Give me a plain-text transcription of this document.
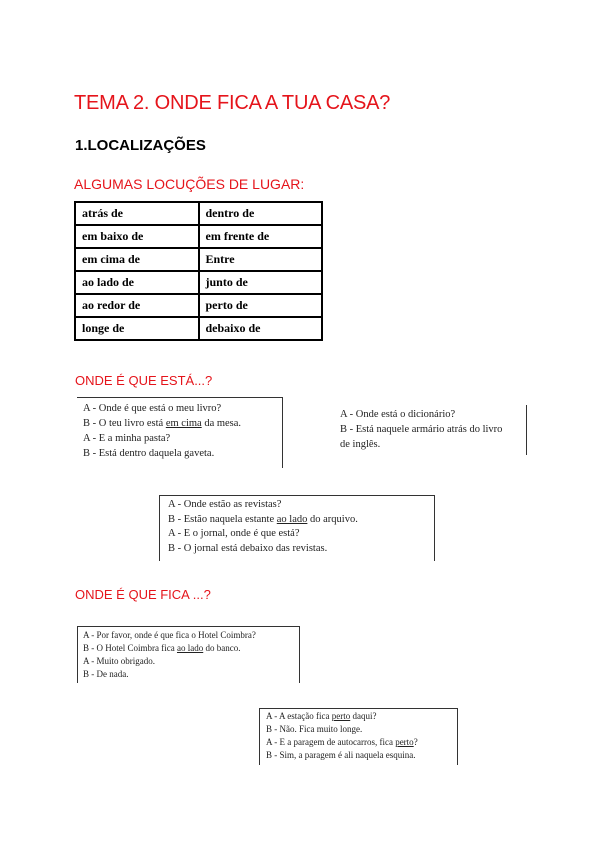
TEMA 2. ONDE FICA A TUA CASA?
1.LOCALIZAÇÕES
ALGUMAS LOCUÇÕES DE LUGAR:
atrás de	dentro de
em baixo de	em frente de
em cima de	Entre
ao lado de	junto de
ao redor de	perto de
longe de	debaixo de
ONDE É QUE ESTÁ...?
A - Onde é que está o meu livro?
B - O teu livro está em cima da mesa.
A - E a minha pasta?
B - Está dentro daquela gaveta.
A - Onde está o dicionário?
B - Está naquele armário atrás do livro
de inglês.
A - Onde estão as revistas?
B - Estão naquela estante ao lado do arquivo.
A - E o jornal, onde é que está?
B - O jornal está debaixo das revistas.
ONDE É QUE FICA ...?
A - Por favor, onde é que fica o Hotel Coimbra?
B - O Hotel Coimbra fica ao lado do banco.
A - Muito obrigado.
B - De nada.
A - A estação fica perto daqui?
B - Não. Fica muito longe.
A - E a paragem de autocarros, fica perto?
B - Sim, a paragem é ali naquela esquina.
